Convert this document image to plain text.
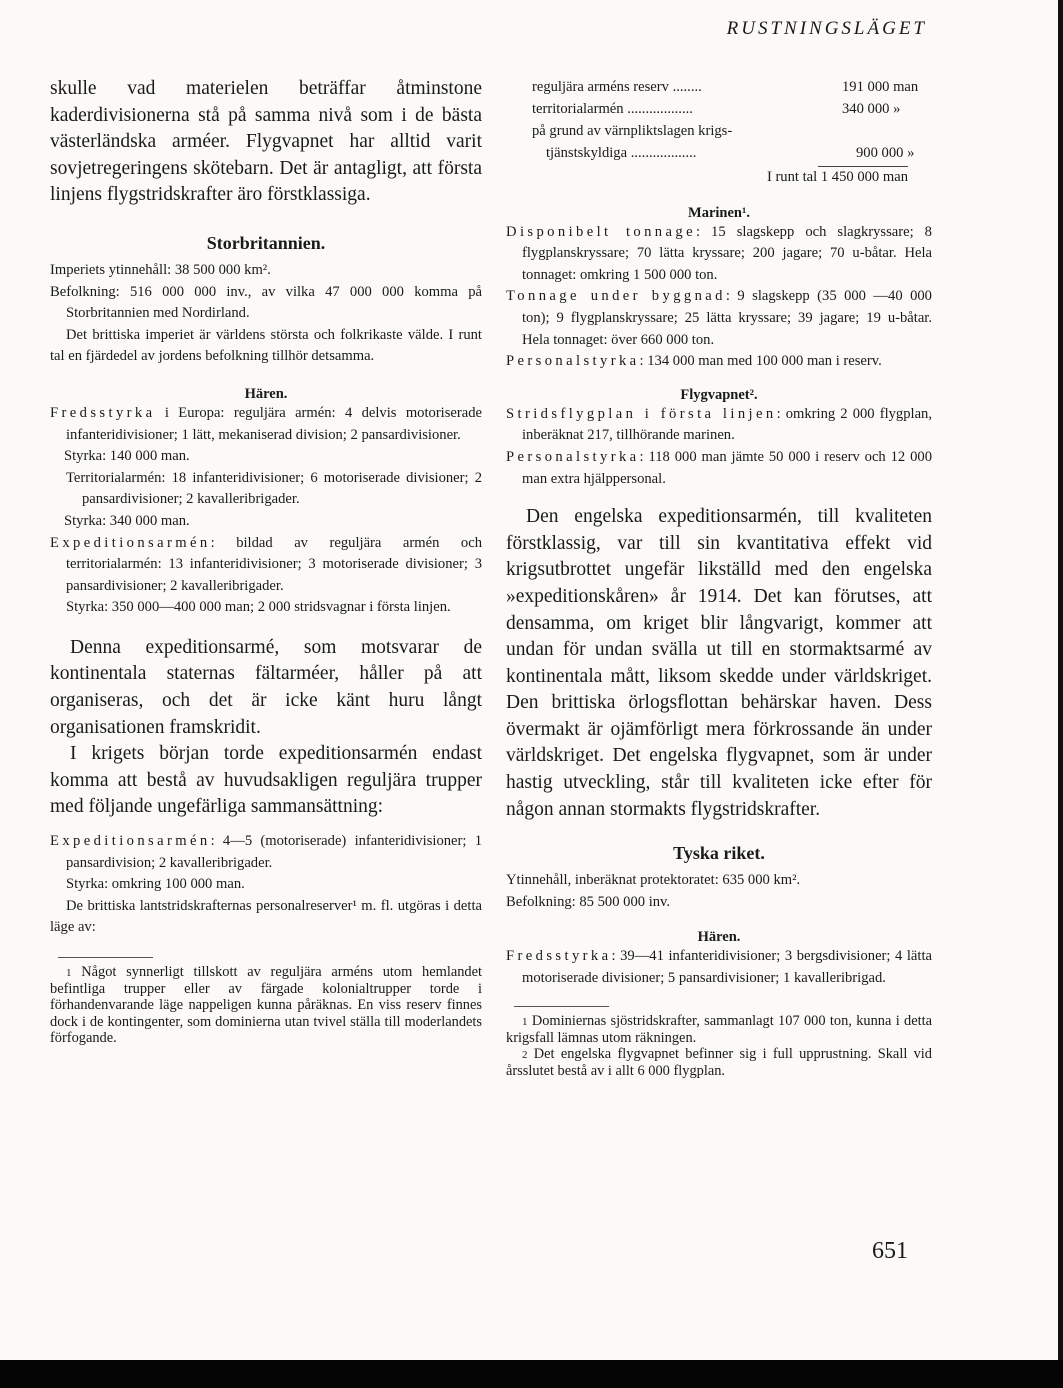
RUSTNINGSLÄGET

skulle vad materielen beträffar åtminstone kaderdivisionerna stå på samma nivå som i de bästa västerländska arméer. Flygvapnet har alltid varit sovjetregeringens skötebarn. Det är antagligt, att första linjens flygstridskrafter äro förstklassiga.

Storbritannien.

Imperiets ytinnehåll: 38 500 000 km².

Befolkning: 516 000 000 inv., av vilka 47 000 000 komma på Storbritannien med Nordirland.

Det brittiska imperiet är världens största och folkrikaste välde. I runt tal en fjärdedel av jordens befolkning tillhör detsamma.

Hären.

Fredsstyrka i Europa: reguljära armén: 4 delvis motoriserade infanteridivisioner; 1 lätt, mekaniserad division; 2 pansardivisioner.

Styrka: 140 000 man.

Territorialarmén: 18 infanteridivisioner; 6 motoriserade divisioner; 2 pansardivisioner; 2 kavalleribrigader.

Styrka: 340 000 man.

Expeditionsarmén: bildad av reguljära armén och territorialarmén: 13 infanteridivisioner; 3 motoriserade divisioner; 3 pansardivisioner; 2 kavalleribrigader.

Styrka: 350 000—400 000 man; 2 000 stridsvagnar i första linjen.

Denna expeditionsarmé, som motsvarar de kontinentala staternas fältarméer, håller på att organiseras, och det är icke känt huru långt organisationen framskridit.

I krigets början torde expeditionsarmén endast komma att bestå av huvudsakligen reguljära trupper med följande ungefärliga sammansättning:

Expeditionsarmén: 4—5 (motoriserade) infanteridivisioner; 1 pansardivision; 2 kavalleribrigader.

Styrka: omkring 100 000 man.

De brittiska lantstridskrafternas personalreserver¹ m. fl. utgöras i detta läge av:

1 Något synnerligt tillskott av reguljära arméns utom hemlandet befintliga trupper eller av färgade kolonialtrupper torde i förhandenvarande läge nappeligen kunna påräknas. En viss reserv finnes dock i de kontingenter, som dominierna utan tvivel ställa till moderlandets förfogande.

reguljära arméns reserv ........	191 000 man
territorialarmén ..................	340 000 »
på grund av värnpliktslagen krigs-
tjänstskyldiga ..................	900 000 »

I runt tal 1 450 000 man

Marinen¹.

Disponibelt tonnage: 15 slagskepp och slagkryssare; 8 flygplanskryssare; 70 lätta kryssare; 200 jagare; 70 u-båtar. Hela tonnaget: omkring 1 500 000 ton.

Tonnage under byggnad: 9 slagskepp (35 000 —40 000 ton); 9 flygplanskryssare; 25 lätta kryssare; 39 jagare; 19 u-båtar. Hela tonnaget: över 660 000 ton.

Personalstyrka: 134 000 man med 100 000 man i reserv.

Flygvapnet².

Stridsflygplan i första linjen: omkring 2 000 flygplan, inberäknat 217, tillhörande marinen.

Personalstyrka: 118 000 man jämte 50 000 i reserv och 12 000 man extra hjälppersonal.

Den engelska expeditionsarmén, till kvaliteten förstklassig, var till sin kvantitativa effekt vid krigsutbrottet ungefär likställd med den engelska »expeditionskåren» år 1914. Det kan förutses, att densamma, om kriget blir långvarigt, kommer att undan för undan svälla ut till en stormaktsarmé av kontinentala mått, liksom skedde under världskriget. Den brittiska örlogsflottan behärskar haven. Dess övermakt är ojämförligt mera förkrossande än under världskriget. Det engelska flygvapnet, som är under hastig utveckling, står till kvaliteten icke efter för någon annan stormakts flygstridskrafter.

Tyska riket.

Ytinnehåll, inberäknat protektoratet: 635 000 km².

Befolkning: 85 500 000 inv.

Hären.

Fredsstyrka: 39—41 infanteridivisioner; 3 bergsdivisioner; 4 lätta motoriserade divisioner; 5 pansardivisioner; 1 kavalleribrigad.

1 Dominiernas sjöstridskrafter, sammanlagt 107 000 ton, kunna i detta krigsfall lämnas utom räkningen.

2 Det engelska flygvapnet befinner sig i full upprustning. Skall vid årsslutet bestå av i allt 6 000 flygplan.

651
